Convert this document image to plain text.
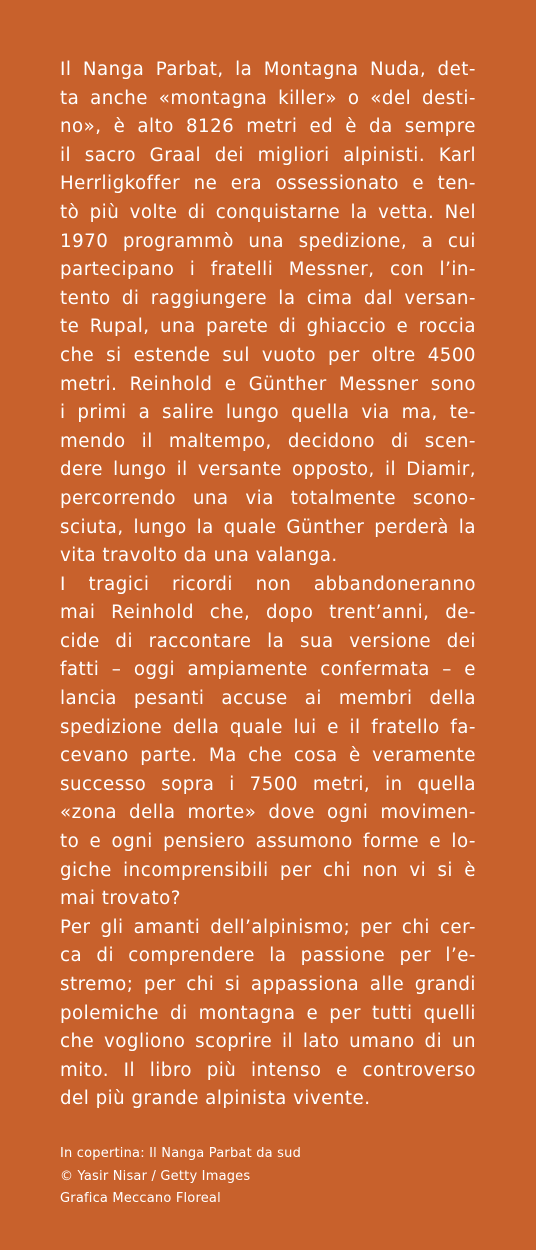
Il Nanga Parbat, la Montagna Nuda, det-
ta anche «montagna killer» o «del desti-
no», è alto 8126 metri ed è da sempre
il sacro Graal dei migliori alpinisti. Karl
Herrligkoffer ne era ossessionato e ten-
tò più volte di conquistarne la vetta. Nel
1970 programmò una spedizione, a cui
partecipano i fratelli Messner, con l’in-
tento di raggiungere la cima dal versan-
te Rupal, una parete di ghiaccio e roccia
che si estende sul vuoto per oltre 4500
metri. Reinhold e Günther Messner sono
i primi a salire lungo quella via ma, te-
mendo il maltempo, decidono di scen-
dere lungo il versante opposto, il Diamir,
percorrendo una via totalmente scono-
sciuta, lungo la quale Günther perderà la
vita travolto da una valanga.
I tragici ricordi non abbandoneranno
mai Reinhold che, dopo trent’anni, de-
cide di raccontare la sua versione dei
fatti – oggi ampiamente confermata – e
lancia pesanti accuse ai membri della
spedizione della quale lui e il fratello fa-
cevano parte. Ma che cosa è veramente
successo sopra i 7500 metri, in quella
«zona della morte» dove ogni movimen-
to e ogni pensiero assumono forme e lo-
giche incomprensibili per chi non vi si è
mai trovato?
Per gli amanti dell’alpinismo; per chi cer-
ca di comprendere la passione per l’e-
stremo; per chi si appassiona alle grandi
polemiche di montagna e per tutti quelli
che vogliono scoprire il lato umano di un
mito. Il libro più intenso e controverso
del più grande alpinista vivente.
In copertina: Il Nanga Parbat da sud
© Yasir Nisar / Getty Images
Grafica Meccano Floreal
